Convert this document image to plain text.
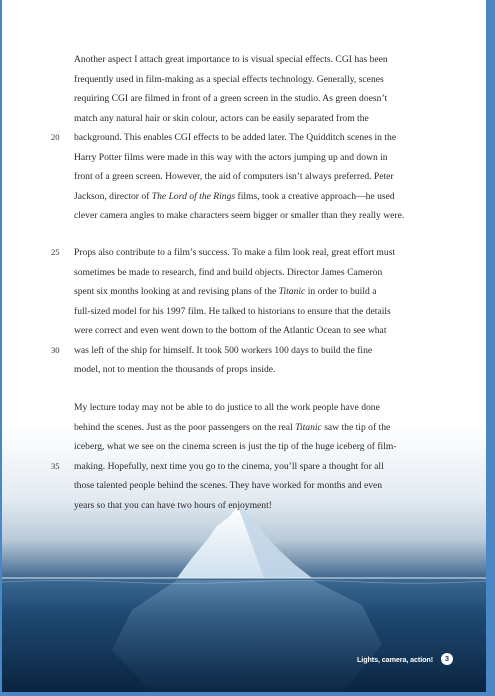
Another aspect I attach great importance to is visual special effects. CGI has been
frequently used in film-making as a special effects technology. Generally, scenes
requiring CGI are filmed in front of a green screen in the studio. As green doesn’t
match any natural hair or skin colour, actors can be easily separated from the
20 background. This enables CGI effects to be added later. The Quidditch scenes in the
Harry Potter films were made in this way with the actors jumping up and down in
front of a green screen. However, the aid of computers isn’t always preferred. Peter
Jackson, director of The Lord of the Rings films, took a creative approach—he used
clever camera angles to make characters seem bigger or smaller than they really were.
25 Props also contribute to a film’s success. To make a film look real, great effort must
sometimes be made to research, find and build objects. Director James Cameron
spent six months looking at and revising plans of the Titanic in order to build a
full-sized model for his 1997 film. He talked to historians to ensure that the details
were correct and even went down to the bottom of the Atlantic Ocean to see what
30 was left of the ship for himself. It took 500 workers 100 days to build the fine
model, not to mention the thousands of props inside.
My lecture today may not be able to do justice to all the work people have done
behind the scenes. Just as the poor passengers on the real Titanic saw the tip of the
iceberg, what we see on the cinema screen is just the tip of the huge iceberg of film-
35 making. Hopefully, next time you go to the cinema, you’ll spare a thought for all
those talented people behind the scenes. They have worked for months and even
years so that you can have two hours of enjoyment!
Lights, camera, action!	3
